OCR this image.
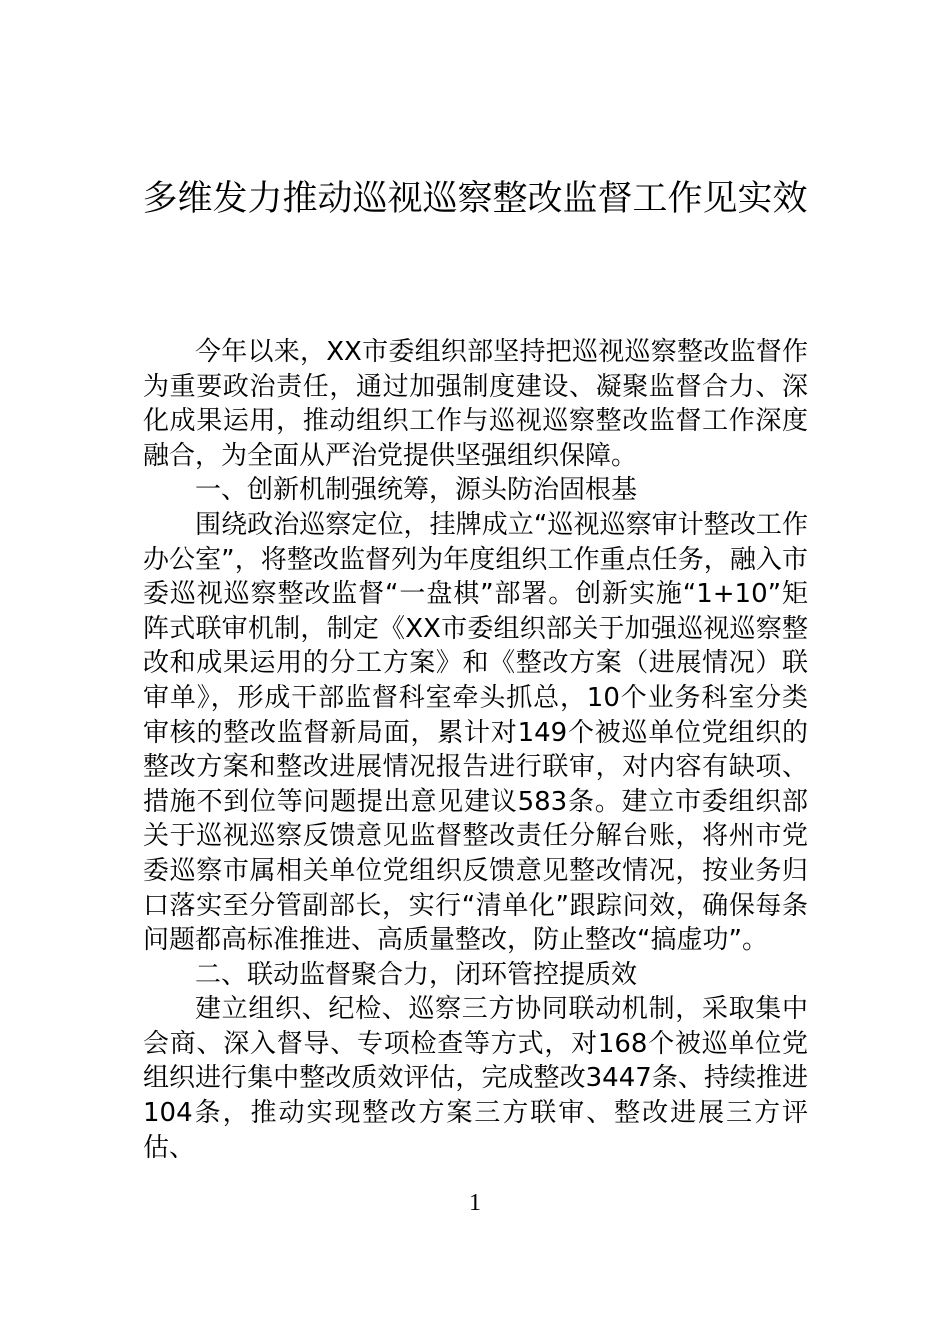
多维发力推动巡视巡察整改监督工作见实效

今年以来，XX市委组织部坚持把巡视巡察整改监督作为重要政治责任，通过加强制度建设、凝聚监督合力、深化成果运用，推动组织工作与巡视巡察整改监督工作深度融合，为全面从严治党提供坚强组织保障。

一、创新机制强统筹，源头防治固根基

围绕政治巡察定位，挂牌成立“巡视巡察审计整改工作办公室”，将整改监督列为年度组织工作重点任务，融入市委巡视巡察整改监督“一盘棋”部署。创新实施“1+10”矩阵式联审机制，制定《XX市委组织部关于加强巡视巡察整改和成果运用的分工方案》和《整改方案（进展情况）联审单》，形成干部监督科室牵头抓总，10个业务科室分类审核的整改监督新局面，累计对149个被巡单位党组织的整改方案和整改进展情况报告进行联审，对内容有缺项、措施不到位等问题提出意见建议583条。建立市委组织部关于巡视巡察反馈意见监督整改责任分解台账，将州市党委巡察市属相关单位党组织反馈意见整改情况，按业务归口落实至分管副部长，实行“清单化”跟踪问效，确保每条问题都高标准推进、高质量整改，防止整改“搞虚功”。

二、联动监督聚合力，闭环管控提质效

建立组织、纪检、巡察三方协同联动机制，采取集中会商、深入督导、专项检查等方式，对168个被巡单位党组织进行集中整改质效评估，完成整改3447条、持续推进104条，推动实现整改方案三方联审、整改进展三方评估、

1
